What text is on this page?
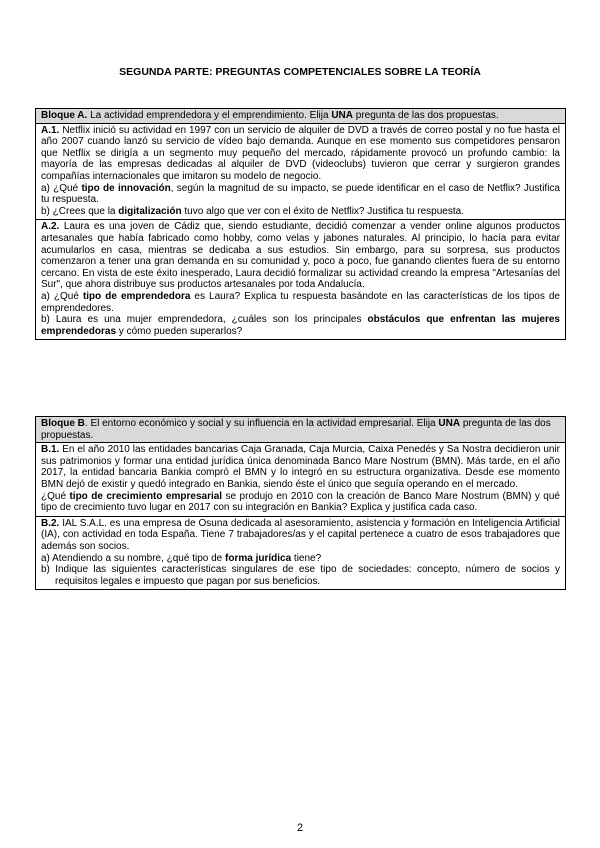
SEGUNDA PARTE: PREGUNTAS COMPETENCIALES SOBRE LA TEORÍA
Bloque A. La actividad emprendedora y el emprendimiento. Elija UNA pregunta de las dos propuestas.

A.1. Netflix inició su actividad en 1997 con un servicio de alquiler de DVD a través de correo postal y no fue hasta el año 2007 cuando lanzó su servicio de vídeo bajo demanda. Aunque en ese momento sus competidores pensaron que Netflix se dirigía a un segmento muy pequeño del mercado, rápidamente provocó un profundo cambio: la mayoría de las empresas dedicadas al alquiler de DVD (videoclubs) tuvieron que cerrar y surgieron grandes compañías internacionales que imitaron su modelo de negocio.

a) ¿Qué tipo de innovación, según la magnitud de su impacto, se puede identificar en el caso de Netflix? Justifica tu respuesta.

b) ¿Crees que la digitalización tuvo algo que ver con el éxito de Netflix? Justifica tu respuesta.

A.2. Laura es una joven de Cádiz que, siendo estudiante, decidió comenzar a vender online algunos productos artesanales que había fabricado como hobby, como velas y jabones naturales. Al principio, lo hacía para evitar acumularlos en casa, mientras se dedicaba a sus estudios. Sin embargo, para su sorpresa, sus productos comenzaron a tener una gran demanda en su comunidad y, poco a poco, fue ganando clientes fuera de su entorno cercano. En vista de este éxito inesperado, Laura decidió formalizar su actividad creando la empresa "Artesanías del Sur", que ahora distribuye sus productos artesanales por toda Andalucía.

a) ¿Qué tipo de emprendedora es Laura? Explica tu respuesta basándote en las características de los tipos de emprendedores.

b) Laura es una mujer emprendedora, ¿cuáles son los principales obstáculos que enfrentan las mujeres emprendedoras y cómo pueden superarlos?

Bloque B. El entorno económico y social y su influencia en la actividad empresarial. Elija UNA pregunta de las dos propuestas.

B.1. En el año 2010 las entidades bancarias Caja Granada, Caja Murcia, Caixa Penedés y Sa Nostra decidieron unir sus patrimonios y formar una entidad jurídica única denominada Banco Mare Nostrum (BMN). Más tarde, en el año 2017, la entidad bancaria Bankia compró el BMN y lo integró en su estructura organizativa. Desde ese momento BMN dejó de existir y quedó integrado en Bankia, siendo éste el único que seguía operando en el mercado.

¿Qué tipo de crecimiento empresarial se produjo en 2010 con la creación de Banco Mare Nostrum (BMN) y qué tipo de crecimiento tuvo lugar en 2017 con su integración en Bankia? Explica y justifica cada caso.

B.2. IAL S.A.L. es una empresa de Osuna dedicada al asesoramiento, asistencia y formación en Inteligencia Artificial (IA), con actividad en toda España. Tiene 7 trabajadores/as y el capital pertenece a cuatro de esos trabajadores que además son socios.

a) Atendiendo a su nombre, ¿qué tipo de forma jurídica tiene?

b) Indique las siguientes características singulares de ese tipo de sociedades: concepto, número de socios y requisitos legales e impuesto que pagan por sus beneficios.

2
